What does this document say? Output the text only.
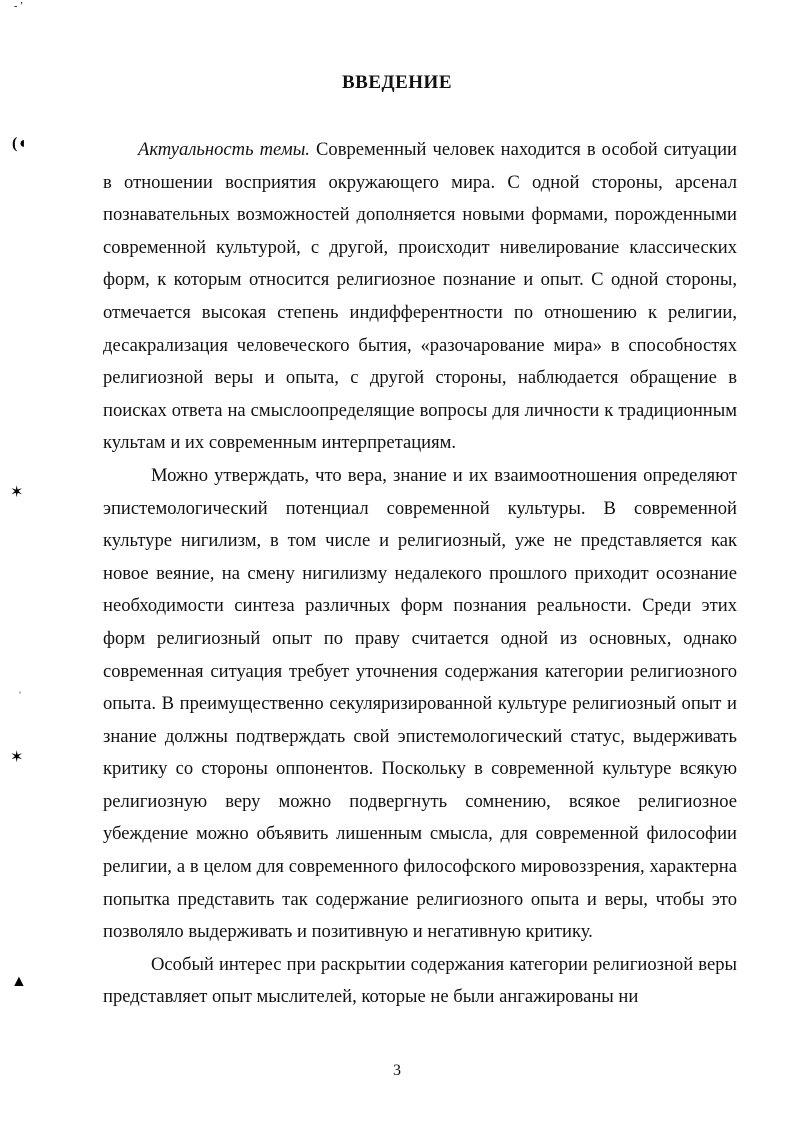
- ’
(◖
✶
ˈ
✶
▲
ВВЕДЕНИЕ

Актуальность темы. Современный человек находится в особой ситуации в отношении восприятия окружающего мира. С одной стороны, арсенал познавательных возможностей дополняется новыми формами, порожденными современной культурой, с другой, происходит нивелирование классических форм, к которым относится религиозное познание и опыт. С одной стороны, отмечается высокая степень индифферентности по отношению к религии, десакрализация человеческого бытия, «разочарование мира» в способностях религиозной веры и опыта, с другой стороны, наблюдается обращение в поисках ответа на смыслоопределящие вопросы для личности к традиционным культам и их современным интерпретациям.

Можно утверждать, что вера, знание и их взаимоотношения определяют эпистемологический потенциал современной культуры. В современной культуре нигилизм, в том числе и религиозный, уже не представляется как новое веяние, на смену нигилизму недалекого прошлого приходит осознание необходимости синтеза различных форм познания реальности. Среди этих форм религиозный опыт по праву считается одной из основных, однако современная ситуация требует уточнения содержания категории религиозного опыта. В преимущественно секуляризированной культуре религиозный опыт и знание должны подтверждать свой эпистемологический статус, выдерживать критику со стороны оппонентов. Поскольку в современной культуре всякую религиозную веру можно подвергнуть сомнению, всякое религиозное убеждение можно объявить лишенным смысла, для современной философии религии, а в целом для современного философского мировоззрения, характерна попытка представить так содержание религиозного опыта и веры, чтобы это позволяло выдерживать и позитивную и негативную критику.

Особый интерес при раскрытии содержания категории религиозной веры представляет опыт мыслителей, которые не были ангажированы ни

3
